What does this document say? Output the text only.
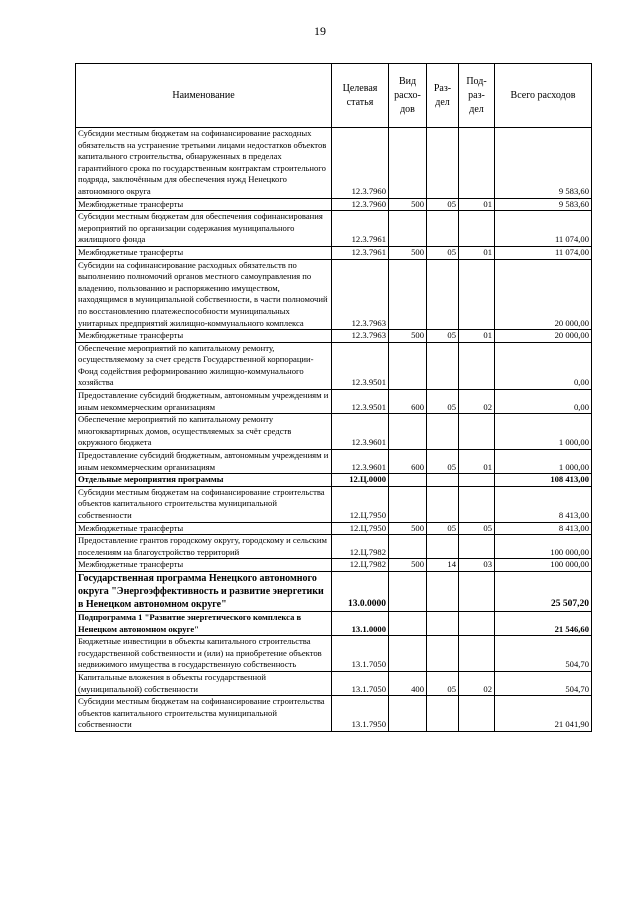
19
Наименование	Целевая статья	Вид расхо-дов	Раз-дел	Под-раз-дел	Всего расходов
Субсидии местным бюджетам на софинансирование расходных обязательств на устранение третьими лицами недостатков объектов капитального строительства, обнаруженных в пределах гарантийного срока по государственным контрактам строительного подряда, заключённым для обеспечения нужд Ненецкого автономного округа	12.3.7960				9 583,60
Межбюджетные трансферты	12.3.7960	500	05	01	9 583,60
Субсидии местным бюджетам для обеспечения софинансирования мероприятий по организации содержания муниципального жилищного фонда	12.3.7961				11 074,00
Межбюджетные трансферты	12.3.7961	500	05	01	11 074,00
Субсидии на софинансирование расходных обязательств по выполнению полномочий органов местного самоуправления по владению, пользованию и распоряжению имуществом, находящимся в муниципальной собственности, в части полномочий по восстановлению платежеспособности муниципальных унитарных предприятий жилищно-коммунального комплекса	12.3.7963				20 000,00
Межбюджетные трансферты	12.3.7963	500	05	01	20 000,00
Обеспечение мероприятий по капитальному ремонту, осуществляемому за счет средств Государственной корпорации-Фонд содействия реформированию жилищно-коммунального хозяйства	12.3.9501				0,00
Предоставление субсидий бюджетным, автономным учреждениям и иным некоммерческим организациям	12.3.9501	600	05	02	0,00
Обеспечение мероприятий по капитальному ремонту многоквартирных домов, осуществляемых за счёт средств окружного бюджета	12.3.9601				1 000,00
Предоставление субсидий бюджетным, автономным учреждениям и иным некоммерческим организациям	12.3.9601	600	05	01	1 000,00
Отдельные мероприятия программы	12.Ц.0000				108 413,00
Субсидии местным бюджетам на софинансирование строительства объектов капитального строительства муниципальной собственности	12.Ц.7950				8 413,00
Межбюджетные трансферты	12.Ц.7950	500	05	05	8 413,00
Предоставление грантов городскому округу, городскому и сельским поселениям на благоустройство территорий	12.Ц.7982				100 000,00
Межбюджетные трансферты	12.Ц.7982	500	14	03	100 000,00
Государственная программа Ненецкого автономного округа "Энергоэффективность и развитие энергетики в Ненецком автономном округе"	13.0.0000				25 507,20
Подпрограмма 1 "Развитие энергетического комплекса в Ненецком автономном округе"	13.1.0000				21 546,60
Бюджетные инвестиции в объекты капитального строительства государственной собственности и (или) на приобретение объектов недвижимого имущества в государственную собственность	13.1.7050				504,70
Капитальные вложения в объекты государственной (муниципальной) собственности	13.1.7050	400	05	02	504,70
Субсидии местным бюджетам на софинансирование строительства объектов капитального строительства муниципальной собственности	13.1.7950				21 041,90
